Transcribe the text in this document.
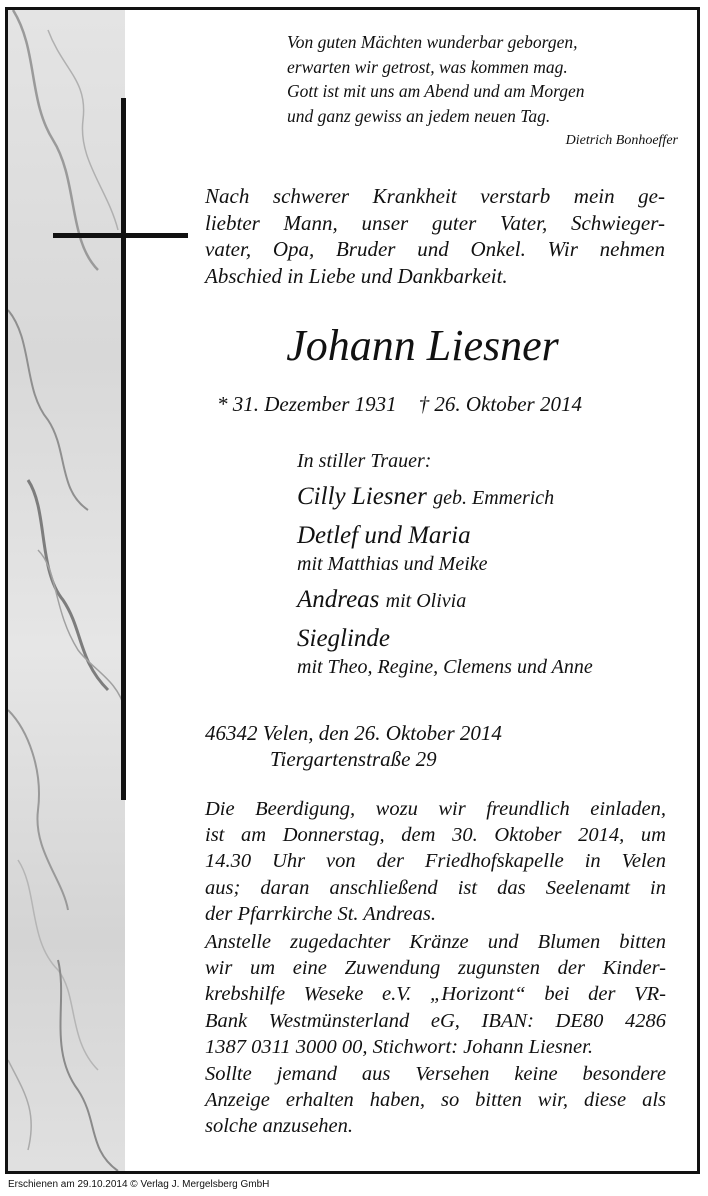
Von guten Mächten wunderbar geborgen,
erwarten wir getrost, was kommen mag.
Gott ist mit uns am Abend und am Morgen
und ganz gewiss an jedem neuen Tag.
Dietrich Bonhoeffer
Nach schwerer Krankheit verstarb mein ge-
liebter Mann, unser guter Vater, Schwieger-
vater, Opa, Bruder und Onkel. Wir nehmen
Abschied in Liebe und Dankbarkeit.
Johann Liesner
* 31. Dezember 1931 † 26. Oktober 2014
In stiller Trauer:
Cilly Liesner geb. Emmerich
Detlef und Maria
mit Matthias und Meike
Andreas mit Olivia
Sieglinde
mit Theo, Regine, Clemens und Anne
46342 Velen, den 26. Oktober 2014
Tiergartenstraße 29
Die Beerdigung, wozu wir freundlich einladen,
ist am Donnerstag, dem 30. Oktober 2014, um
14.30 Uhr von der Friedhofskapelle in Velen
aus; daran anschließend ist das Seelenamt in
der Pfarrkirche St. Andreas.
Anstelle zugedachter Kränze und Blumen bitten
wir um eine Zuwendung zugunsten der Kinder-
krebshilfe Weseke e.V. „Horizont“ bei der VR-
Bank Westmünsterland eG, IBAN: DE80 4286
1387 0311 3000 00, Stichwort: Johann Liesner.
Sollte jemand aus Versehen keine besondere
Anzeige erhalten haben, so bitten wir, diese als
solche anzusehen.
Erschienen am 29.10.2014 © Verlag J. Mergelsberg GmbH
